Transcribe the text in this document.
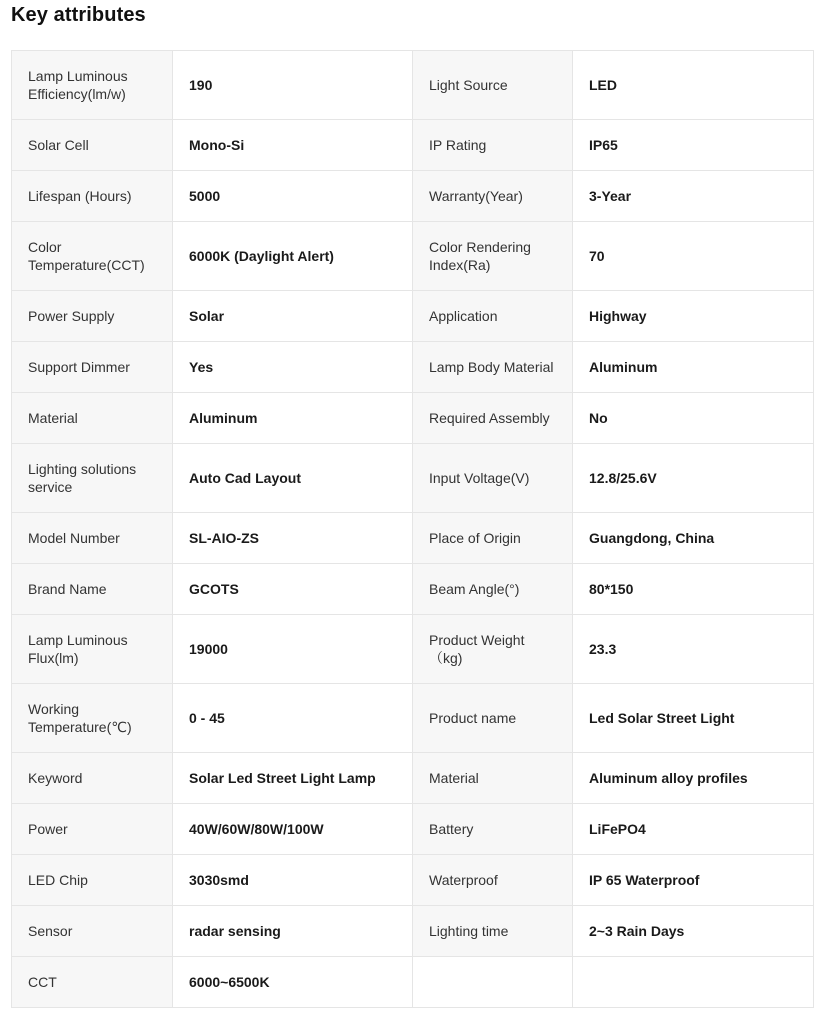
Key attributes
Lamp Luminous Efficiency(lm/w)	190	Light Source	LED
Solar Cell	Mono-Si	IP Rating	IP65
Lifespan (Hours)	5000	Warranty(Year)	3-Year
Color Temperature(CCT)	6000K (Daylight Alert)	Color Rendering Index(Ra)	70
Power Supply	Solar	Application	Highway
Support Dimmer	Yes	Lamp Body Material	Aluminum
Material	Aluminum	Required Assembly	No
Lighting solutions service	Auto Cad Layout	Input Voltage(V)	12.8/25.6V
Model Number	SL-AIO-ZS	Place of Origin	Guangdong, China
Brand Name	GCOTS	Beam Angle(°)	80*150
Lamp Luminous Flux(lm)	19000	Product Weight（kg)	23.3
Working Temperature(℃)	0 - 45	Product name	Led Solar Street Light
Keyword	Solar Led Street Light Lamp	Material	Aluminum alloy profiles
Power	40W/60W/80W/100W	Battery	LiFePO4
LED Chip	3030smd	Waterproof	IP 65 Waterproof
Sensor	radar sensing	Lighting time	2~3 Rain Days
CCT	6000~6500K		
